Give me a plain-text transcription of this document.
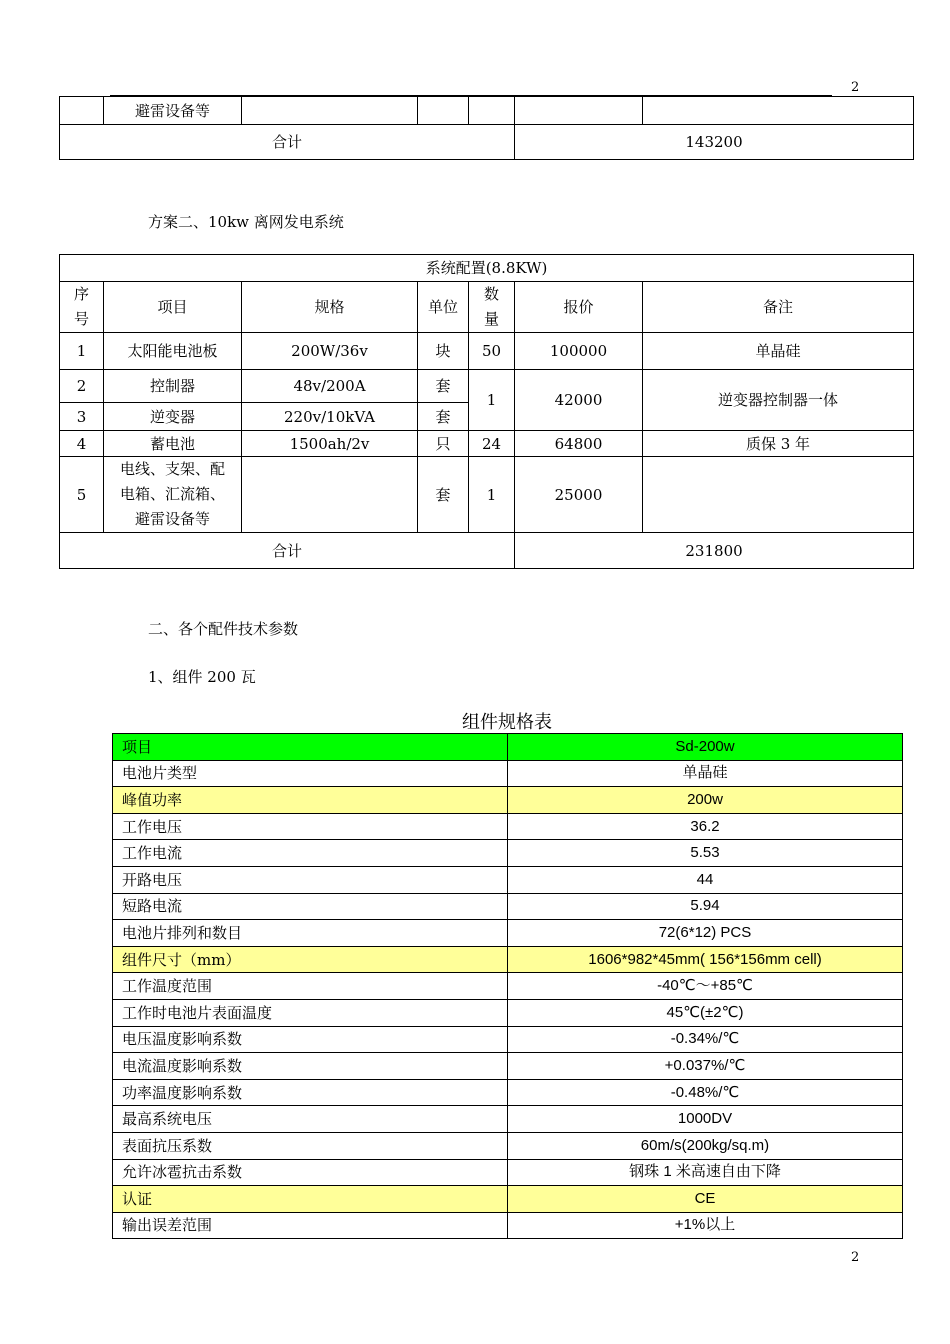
2
	避雷设备等					
合计					143200	
方案二、10kw 离网发电系统
系统配置(8.8KW)						
序号	项目	规格	单位	数量	报价	备注
1	太阳能电池板	200W/36v	块	50	100000	单晶硅
2	控制器	48v/200A	套	1	42000	逆变器控制器一体
3	逆变器	220v/10kVA	套			
4	蓄电池	1500ah/2v	只	24	64800	质保 3 年
5	电线、支架、配
电箱、汇流箱、
避雷设备等		套	1	25000	
合计					231800	
二、各个配件技术参数
1、组件 200 瓦
组件规格表
项目	Sd-200w
电池片类型	单晶硅
峰值功率	200w
工作电压	36.2
工作电流	5.53
开路电压	44
短路电流	5.94
电池片排列和数目	72(6*12) PCS
组件尺寸（mm）	1606*982*45mm( 156*156mm cell)
工作温度范围	-40℃～+85℃
工作时电池片表面温度	45℃(±2℃)
电压温度影响系数	-0.34%/℃
电流温度影响系数	+0.037%/℃
功率温度影响系数	-0.48%/℃
最高系统电压	1000DV
表面抗压系数	60m/s(200kg/sq.m)
允许冰雹抗击系数	钢珠 1 米高速自由下降
认证	CE
输出误差范围	+1%以上
2
